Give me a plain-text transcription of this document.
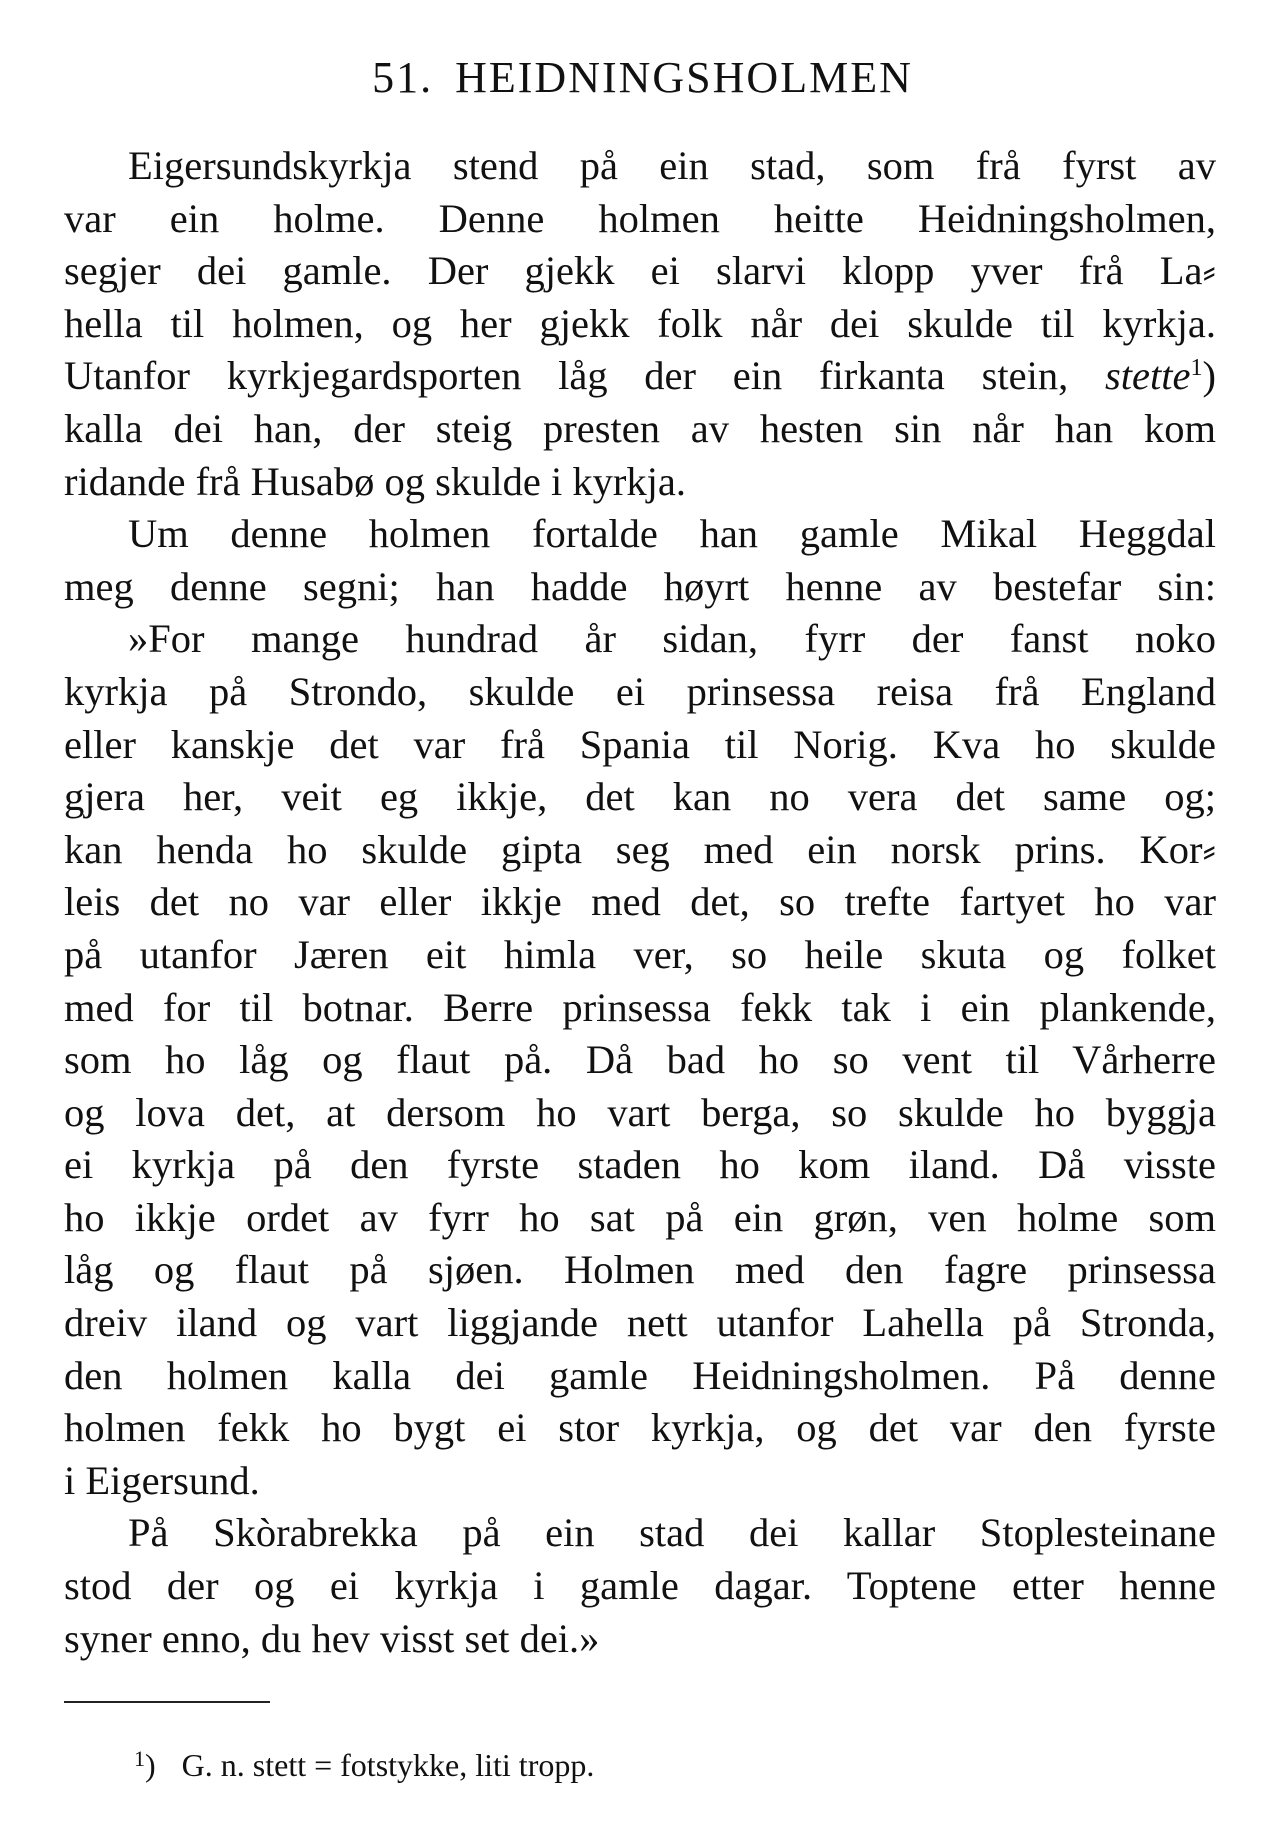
51. HEIDNINGSHOLMEN

Eigersundskyrkja stend på ein stad, som frå fyrst av
var ein holme. Denne holmen heitte Heidningsholmen,
segjer dei gamle. Der gjekk ei slarvi klopp yver frå La⸗
hella til holmen, og her gjekk folk når dei skulde til kyrkja.
Utanfor kyrkjegardsporten låg der ein firkanta stein, stette$^1$)
kalla dei han, der steig presten av hesten sin når han kom
ridande frå Husabø og skulde i kyrkja.

Um denne holmen fortalde han gamle Mikal Heggdal
meg denne segni; han hadde høyrt henne av bestefar sin:
»For mange hundrad år sidan, fyrr der fanst noko
kyrkja på Strondo, skulde ei prinsessa reisa frå England
eller kanskje det var frå Spania til Norig. Kva ho skulde
gjera her, veit eg ikkje, det kan no vera det same og;
kan henda ho skulde gipta seg med ein norsk prins. Kor⸗
leis det no var eller ikkje med det, so trefte fartyet ho var
på utanfor Jæren eit himla ver, so heile skuta og folket
med for til botnar. Berre prinsessa fekk tak i ein plankende,
som ho låg og flaut på. Då bad ho so vent til Vårherre
og lova det, at dersom ho vart berga, so skulde ho byggja
ei kyrkja på den fyrste staden ho kom iland. Då visste
ho ikkje ordet av fyrr ho sat på ein grøn, ven holme som
låg og flaut på sjøen. Holmen med den fagre prinsessa
dreiv iland og vart liggjande nett utanfor Lahella på Stronda,
den holmen kalla dei gamle Heidningsholmen. På denne
holmen fekk ho bygt ei stor kyrkja, og det var den fyrste
i Eigersund.

På Skòrabrekka på ein stad dei kallar Stoplesteinane
stod der og ei kyrkja i gamle dagar. Toptene etter henne
syner enno, du hev visst set dei.»

$^1$) G. n. stett = fotstykke, liti tropp.
